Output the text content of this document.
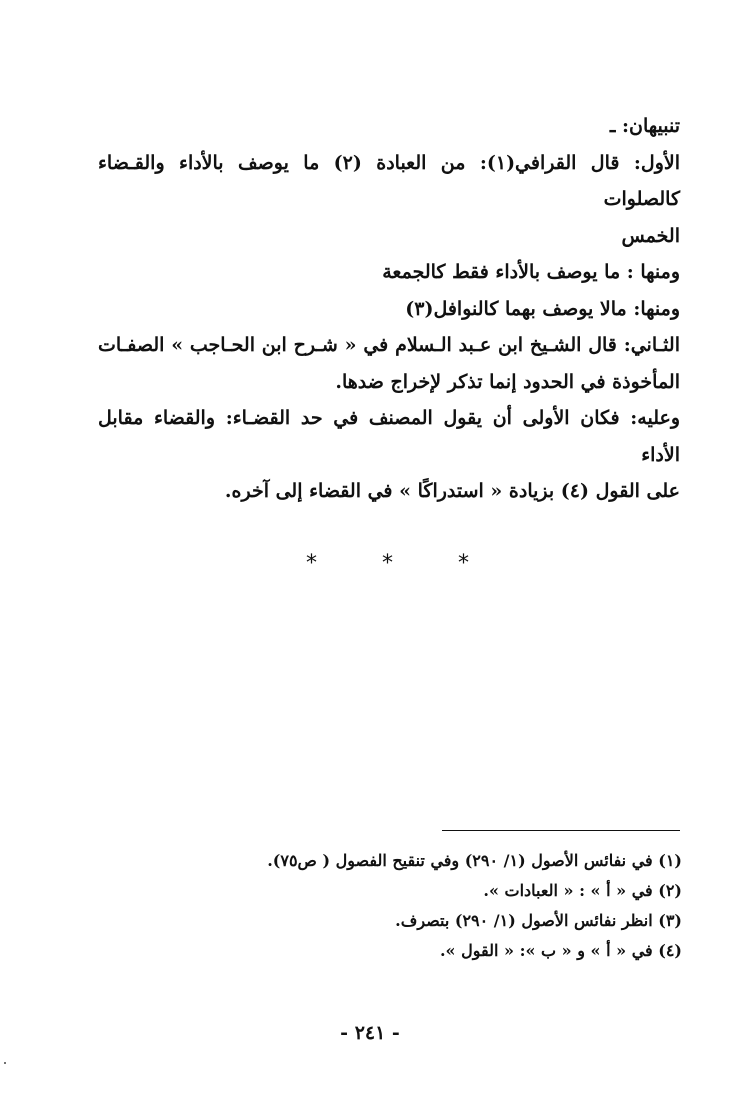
تنبيهان: ـ

الأول: قال القرافي(١): من العبادة (٢) ما يوصف بالأداء والقـضاء كالصلوات

الخمس

ومنها : ما يوصف بالأداء فقط كالجمعة

ومنها: مالا يوصف بهما كالنوافل(٣)

الثـاني: قال الشـيخ ابن عـبد الـسلام في « شـرح ابن الحـاجب » الصفـات

المأخوذة في الحدود إنما تذكر لإخراج ضدها.

وعليه: فكان الأولى أن يقول المصنف في حد القضـاء: والقضاء مقابل الأداء

على القول (٤) بزيادة « استدراكًا » في القضاء إلى آخره.

*	*	*

(١) في نفائس الأصول (١/ ٢٩٠) وفي تنقيح الفصول ( ص٧٥).

(٢) في « أ » : « العبادات ».

(٣) انظر نفائس الأصول (١/ ٢٩٠) بتصرف.

(٤) في « أ » و « ب »: « القول ».

- ٢٤١ -
